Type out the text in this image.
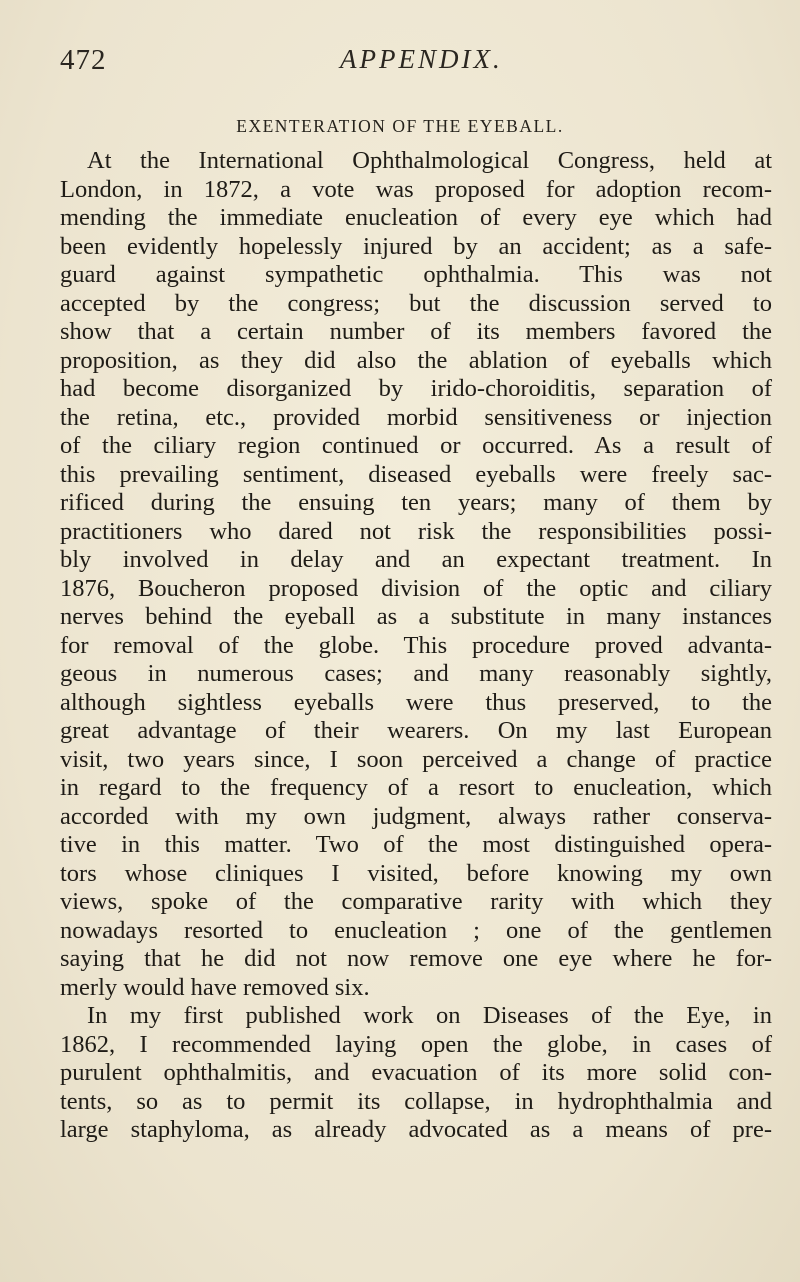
472	APPENDIX.
EXENTERATION OF THE EYEBALL.
At the International Ophthalmological Congress, held at
London, in 1872, a vote was proposed for adoption recom-
mending the immediate enucleation of every eye which had
been evidently hopelessly injured by an accident; as a safe-
guard against sympathetic ophthalmia. This was not
accepted by the congress; but the discussion served to
show that a certain number of its members favored the
proposition, as they did also the ablation of eyeballs which
had become disorganized by irido-choroiditis, separation of
the retina, etc., provided morbid sensitiveness or injection
of the ciliary region continued or occurred. As a result of
this prevailing sentiment, diseased eyeballs were freely sac-
rificed during the ensuing ten years; many of them by
practitioners who dared not risk the responsibilities possi-
bly involved in delay and an expectant treatment. In
1876, Boucheron proposed division of the optic and ciliary
nerves behind the eyeball as a substitute in many instances
for removal of the globe. This procedure proved advanta-
geous in numerous cases; and many reasonably sightly,
although sightless eyeballs were thus preserved, to the
great advantage of their wearers. On my last European
visit, two years since, I soon perceived a change of practice
in regard to the frequency of a resort to enucleation, which
accorded with my own judgment, always rather conserva-
tive in this matter. Two of the most distinguished opera-
tors whose cliniques I visited, before knowing my own
views, spoke of the comparative rarity with which they
nowadays resorted to enucleation ; one of the gentlemen
saying that he did not now remove one eye where he for-
merly would have removed six.
In my first published work on Diseases of the Eye, in
1862, I recommended laying open the globe, in cases of
purulent ophthalmitis, and evacuation of its more solid con-
tents, so as to permit its collapse, in hydrophthalmia and
large staphyloma, as already advocated as a means of pre-
